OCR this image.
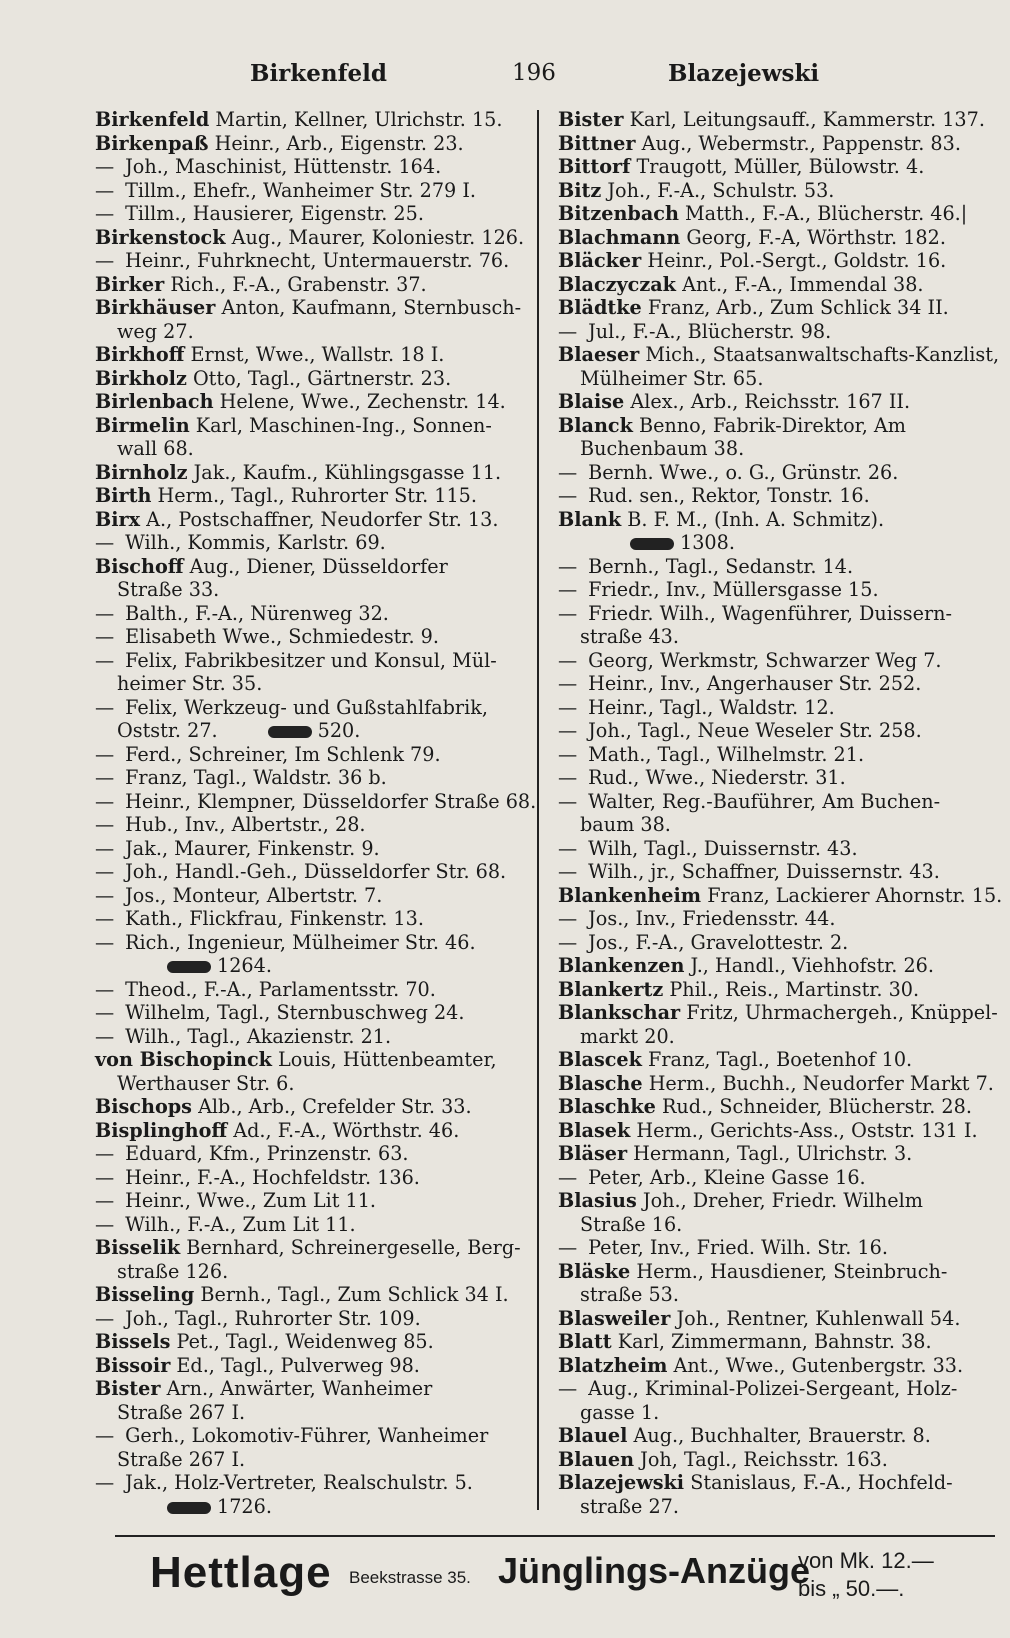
Birkenfeld	196	Blazejewski
Birkenfeld Martin, Kellner, Ulrichstr. 15.
Birkenpaß Heinr., Arb., Eigenstr. 23.
— Joh., Maschinist, Hüttenstr. 164.
— Tillm., Ehefr., Wanheimer Str. 279 I.
— Tillm., Hausierer, Eigenstr. 25.
Birkenstock Aug., Maurer, Koloniestr. 126.
— Heinr., Fuhrknecht, Untermauerstr. 76.
Birker Rich., F.-A., Grabenstr. 37.
Birkhäuser Anton, Kaufmann, Sternbusch-
weg 27.
Birkhoff Ernst, Wwe., Wallstr. 18 I.
Birkholz Otto, Tagl., Gärtnerstr. 23.
Birlenbach Helene, Wwe., Zechenstr. 14.
Birmelin Karl, Maschinen-Ing., Sonnen-
wall 68.
Birnholz Jak., Kaufm., Kühlingsgasse 11.
Birth Herm., Tagl., Ruhrorter Str. 115.
Birx A., Postschaffner, Neudorfer Str. 13.
— Wilh., Kommis, Karlstr. 69.
Bischoff Aug., Diener, Düsseldorfer
Straße 33.
— Balth., F.-A., Nürenweg 32.
— Elisabeth Wwe., Schmiedestr. 9.
— Felix, Fabrikbesitzer und Konsul, Mül-
heimer Str. 35.
— Felix, Werkzeug- und Gußstahlfabrik,
Oststr. 27.	520.
— Ferd., Schreiner, Im Schlenk 79.
— Franz, Tagl., Waldstr. 36 b.
— Heinr., Klempner, Düsseldorfer Straße 68.
— Hub., Inv., Albertstr., 28.
— Jak., Maurer, Finkenstr. 9.
— Joh., Handl.-Geh., Düsseldorfer Str. 68.
— Jos., Monteur, Albertstr. 7.
— Kath., Flickfrau, Finkenstr. 13.
— Rich., Ingenieur, Mülheimer Str. 46.
1264.
— Theod., F.-A., Parlamentsstr. 70.
— Wilhelm, Tagl., Sternbuschweg 24.
— Wilh., Tagl., Akazienstr. 21.
von Bischopinck Louis, Hüttenbeamter,
Werthauser Str. 6.
Bischops Alb., Arb., Crefelder Str. 33.
Bisplinghoff Ad., F.-A., Wörthstr. 46.
— Eduard, Kfm., Prinzenstr. 63.
— Heinr., F.-A., Hochfeldstr. 136.
— Heinr., Wwe., Zum Lit 11.
— Wilh., F.-A., Zum Lit 11.
Bisselik Bernhard, Schreinergeselle, Berg-
straße 126.
Bisseling Bernh., Tagl., Zum Schlick 34 I.
— Joh., Tagl., Ruhrorter Str. 109.
Bissels Pet., Tagl., Weidenweg 85.
Bissoir Ed., Tagl., Pulverweg 98.
Bister Arn., Anwärter, Wanheimer
Straße 267 I.
— Gerh., Lokomotiv-Führer, Wanheimer
Straße 267 I.
— Jak., Holz-Vertreter, Realschulstr. 5.
1726.
Bister Karl, Leitungsauff., Kammerstr. 137.
Bittner Aug., Webermstr., Pappenstr. 83.
Bittorf Traugott, Müller, Bülowstr. 4.
Bitz Joh., F.-A., Schulstr. 53.
Bitzenbach Matth., F.-A., Blücherstr. 46.|
Blachmann Georg, F.-A, Wörthstr. 182.
Bläcker Heinr., Pol.-Sergt., Goldstr. 16.
Blaczyczak Ant., F.-A., Immendal 38.
Blädtke Franz, Arb., Zum Schlick 34 II.
— Jul., F.-A., Blücherstr. 98.
Blaeser Mich., Staatsanwaltschafts-Kanzlist,
Mülheimer Str. 65.
Blaise Alex., Arb., Reichsstr. 167 II.
Blanck Benno, Fabrik-Direktor, Am
Buchenbaum 38.
— Bernh. Wwe., o. G., Grünstr. 26.
— Rud. sen., Rektor, Tonstr. 16.
Blank B. F. M., (Inh. A. Schmitz).
1308.
— Bernh., Tagl., Sedanstr. 14.
— Friedr., Inv., Müllersgasse 15.
— Friedr. Wilh., Wagenführer, Duissern-
straße 43.
— Georg, Werkmstr, Schwarzer Weg 7.
— Heinr., Inv., Angerhauser Str. 252.
— Heinr., Tagl., Waldstr. 12.
— Joh., Tagl., Neue Weseler Str. 258.
— Math., Tagl., Wilhelmstr. 21.
— Rud., Wwe., Niederstr. 31.
— Walter, Reg.-Bauführer, Am Buchen-
baum 38.
— Wilh, Tagl., Duissernstr. 43.
— Wilh., jr., Schaffner, Duissernstr. 43.
Blankenheim Franz, Lackierer Ahornstr. 15.
— Jos., Inv., Friedensstr. 44.
— Jos., F.-A., Gravelottestr. 2.
Blankenzen J., Handl., Viehhofstr. 26.
Blankertz Phil., Reis., Martinstr. 30.
Blankschar Fritz, Uhrmachergeh., Knüppel-
markt 20.
Blascek Franz, Tagl., Boetenhof 10.
Blasche Herm., Buchh., Neudorfer Markt 7.
Blaschke Rud., Schneider, Blücherstr. 28.
Blasek Herm., Gerichts-Ass., Oststr. 131 I.
Bläser Hermann, Tagl., Ulrichstr. 3.
— Peter, Arb., Kleine Gasse 16.
Blasius Joh., Dreher, Friedr. Wilhelm
Straße 16.
— Peter, Inv., Fried. Wilh. Str. 16.
Bläske Herm., Hausdiener, Steinbruch-
straße 53.
Blasweiler Joh., Rentner, Kuhlenwall 54.
Blatt Karl, Zimmermann, Bahnstr. 38.
Blatzheim Ant., Wwe., Gutenbergstr. 33.
— Aug., Kriminal-Polizei-Sergeant, Holz-
gasse 1.
Blauel Aug., Buchhalter, Brauerstr. 8.
Blauen Joh, Tagl., Reichsstr. 163.
Blazejewski Stanislaus, F.-A., Hochfeld-
straße 27.
Hettlage Beekstrasse 35. Jünglings-Anzüge
von Mk. 12.—
bis „ 50.—.
